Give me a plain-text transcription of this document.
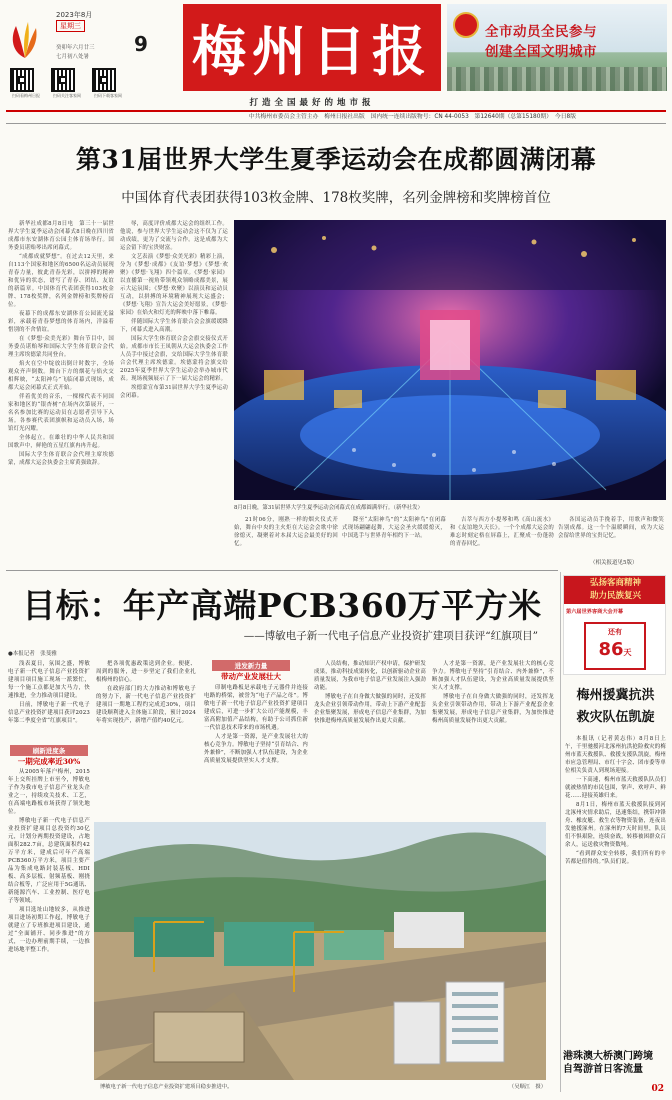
2023年8月
星期三
9
癸卯年六月廿三
七月初八处暑
扫码看梅州日报	扫码关注客家网	扫码下载客家网
梅州日报
打造全国最好的地市报
全市动员全民参与
创建全国文明城市
中共梅州市委员会主管主办　梅州日报社出版　国内统一连续出版物号：CN 44-0053　第12640期（总第15180期）　今日8版
第31届世界大学生夏季运动会在成都圆满闭幕
中国体育代表团获得103枚金牌、178枚奖牌，名列金牌榜和奖牌榜首位

新华社成都8月8日电　第三十一届世界大学生夏季运动会闭幕式8日晚在四川省成都市东安湖体育公园主体育场举行。国务委员谌贻琴出席闭幕式。

“成都成就梦想”。在过去12天里，来自113个国家和地区的6500名运动员展现青春力量，彼此青春光彩，以拼搏的精神和优异的状态，谱写了青春、团结、友谊的新篇章。中国体育代表团获得103枚金牌、178枚奖牌，名列金牌榜和奖牌榜首位。

夜幕下的成都东安湖体育公园流光溢彩，承载着青春梦想的体育场内，洋溢着惜别的不舍情谊。

在《梦想·众美光彩》舞台节目中，国务委员谌贻琴和国际大学生体育联合会代理主席埃德蒙共同登台。

焰火在空中绽放出倒计时数字，全场观众齐声倒数。舞台下方的烟花与焰火交相辉映，“太阳神鸟”飞临闭幕式现场，成都大运会闭幕式正式开始。

伴着优美的音乐，一棵棵代表不同国家和地区的“银杏树”在场内次第展开，一名名参加比赛的运动员在志愿者引导下入场。各参赛代表团旗帜和运动员入场，场馆灯光闪耀。

全体起立。在雄壮的中华人民共和国国歌声中，鲜艳的五星红旗冉冉升起。

国际大学生体育联合会代理主席埃德蒙，成都大运会执委会主席黄强致辞。

辱，高度评价成都大运会的组织工作。他说，参与世界大学生运动会这不仅为了运动成绩，更为了交流与合作。这是成都为大运会留下的宝贵财富。

文艺表演《梦想·众美光彩》精彩上演，分为《梦想·成都》《友谊·梦想》《梦想·欢聚》《梦想·飞翔》四个篇章。《梦想·家园》以直播第一视角带领观众领略成都美景，展示大运氛围；《梦想·欢聚》以演员和运动员互动，以拼搏的环境精神展现大运盛会；《梦想·飞翔》宣告大运会美好愿景，《梦想·家园》在焰火和灯光的辉映中落下帷幕。

伴随国际大学生体育联合会会旗缓缓降下，闭幕式进入高潮。

国际大学生体育联合会会旗交接仪式开始。成都市市长王凤朝从大运会执委会工作人员手中接过会旗，交给国际大学生体育联合会代理主席埃德蒙。埃德蒙将会旗交给2025年夏季世界大学生运动会举办城市代表。现场视频展示了下一届大运会的精彩。

埃德蒙宣布第31届世界大学生夏季运动会闭幕。

8月8日晚，第31届世界大学生夏季运动会闭幕式在成都圆满举行。（新华社发）

21时06分，刚熟一样的烟火仪式开始，舞台中央的主火炬在大运会会歌中徐徐熄灭，凝聚着对本届大运会最美好的回忆。

降至“太阳神鸟”的“太阳神鸟”在闭幕式现场翩翩起舞，大运会圣火缓缓熄灭，中国选手与世界青年相约下一站。

吉萃与西方小提琴和鸣《高山流水》和《友谊地久天长》。一个个成都大运会的难忘时刻定格在屏幕上，汇聚成一份蓬勃的青春回忆。

各国运动员手挽着手，用歌声和微笑告别成都。这一个个温暖瞬间，成为大运会留给世界的宝贵记忆。

（相关报道见5版）
目标：年产高端PCB360万平方米
——博敏电子新一代电子信息产业投资扩建项目获评“红旗项目”
●本报记者　张斐雅

浅表夏日，氛围之盛，博敏电子新一代电子信息产业投资扩建项目项目施工现场一派繁忙，每一个施工点都是加大马力，快速推进，全力推动项目建设。

日前，博敏电子新一代电子信息产业投资扩建项目获评2023年第二季度全省“红旗项目”。

刷新进度条
一期完成率近30%

从2005年落户梅州，2015年上交所挂牌上市至今，博敏电子作为我市电子信息产业龙头企业之一，持续攻关技术、工艺，在高端电路板市场获得了领先地位。

博敏电子新一代电子信息产业投资扩建项目总投资约30亿元，计划分两期投资建设，占地面积282.7亩，总建筑面积约42万平方米，建成后可年产高端PCB360万平方米，项目主要产品为集成电路封装基板、HDI板、高多层板、射频基板、刚挠结合板等，广泛应用于5G通讯、新能源汽车、工业控制、医疗电子等领域。

项目选址山地较多，从推进项目进场初期工作起，博敏电子就建立了专班推进项目建设，通过“全面铺开、同步推进”的方式，一边办理前期手续，一边推进场地平整工作。

把各项优惠政策送到企业。便捷、周到的服务，进一步坚定了我们企业扎根梅州的信心。

在政府部门的大力推动和博敏电子的努力下，新一代电子信息产业投资扩建项目一期地工程约完成近30%，项目建设顺利进入主体施工阶段，预计2024年将实现投产，新增产值约40亿元。

进发新力量
带动产业发展壮大

印制电路板是承载电子元器件并连接电路的桥梁，被誉为“电子产品之母”。博敏电子新一代电子信息产业投资扩建项目建成后，可进一步扩大公司产能规模，丰富高附加值产品结构，有助于公司抓住新一代信息技术带来的市场机遇。

人才是第一资源，是产业发展壮大的核心竞争力。博敏电子坚持“引育结合、内外兼修”，不断加强人才队伍建设，为企业高质量发展提供坚实人才支撑。

人员结构，推动知识产权申请，保护研发成果，推动科技成果转化，以创新驱动企业高质量发展，为我市电子信息产业发展注入强劲动能。

博敏电子在自身做大做强的同时，还发挥龙头企业引领带动作用，带动上下游产业配套企业集聚发展，形成电子信息产业集群，为加快推进梅州高质量发展作出更大贡献。

人才是第一资源，是产业发展壮大的核心竞争力。博敏电子坚持“引育结合、内外兼修”，不断加强人才队伍建设，为企业高质量发展提供坚实人才支撑。

博敏电子在自身做大做强的同时，还发挥龙头企业引领带动作用，带动上下游产业配套企业集聚发展，形成电子信息产业集群，为加快推进梅州高质量发展作出更大贡献。

博敏电子新一代电子信息产业投资扩建项目稳步推进中。	（吴顺江　摄）
弘扬客商精神
助力民族复兴
第六届世界客商大会开幕
还有
86天
梅州援冀抗洪
救灾队伍凯旋

本报讯（记者黄志伟）8月8日上午，千里驰援河北涿州抗洪抢险救灾的梅州市蓝天救援队、救援支援队凯旋，梅州市应急管理局、市红十字会、团市委等单位相关负责人到现场迎接。

一下高速，梅州市蓝天救援队队员们就被热情的市民包围，掌声、欢呼声、鲜花……迎接英雄归来。

8月1日，梅州市蓝天救援队接到河北涿州灾情求助后，迅速集结，携带冲锋舟、橡皮艇、救生衣等物资装备，连夜出发驰援涿州。在涿州的7天时间里，队员们不惧艰险，连续奋战，转移被困群众百余人，运送救灾物资数吨。

“看到群众安全转移，我们所有的辛苦都是值得的。”队员们说。

港珠澳大桥澳门跨境
自驾游首日客流量
02
